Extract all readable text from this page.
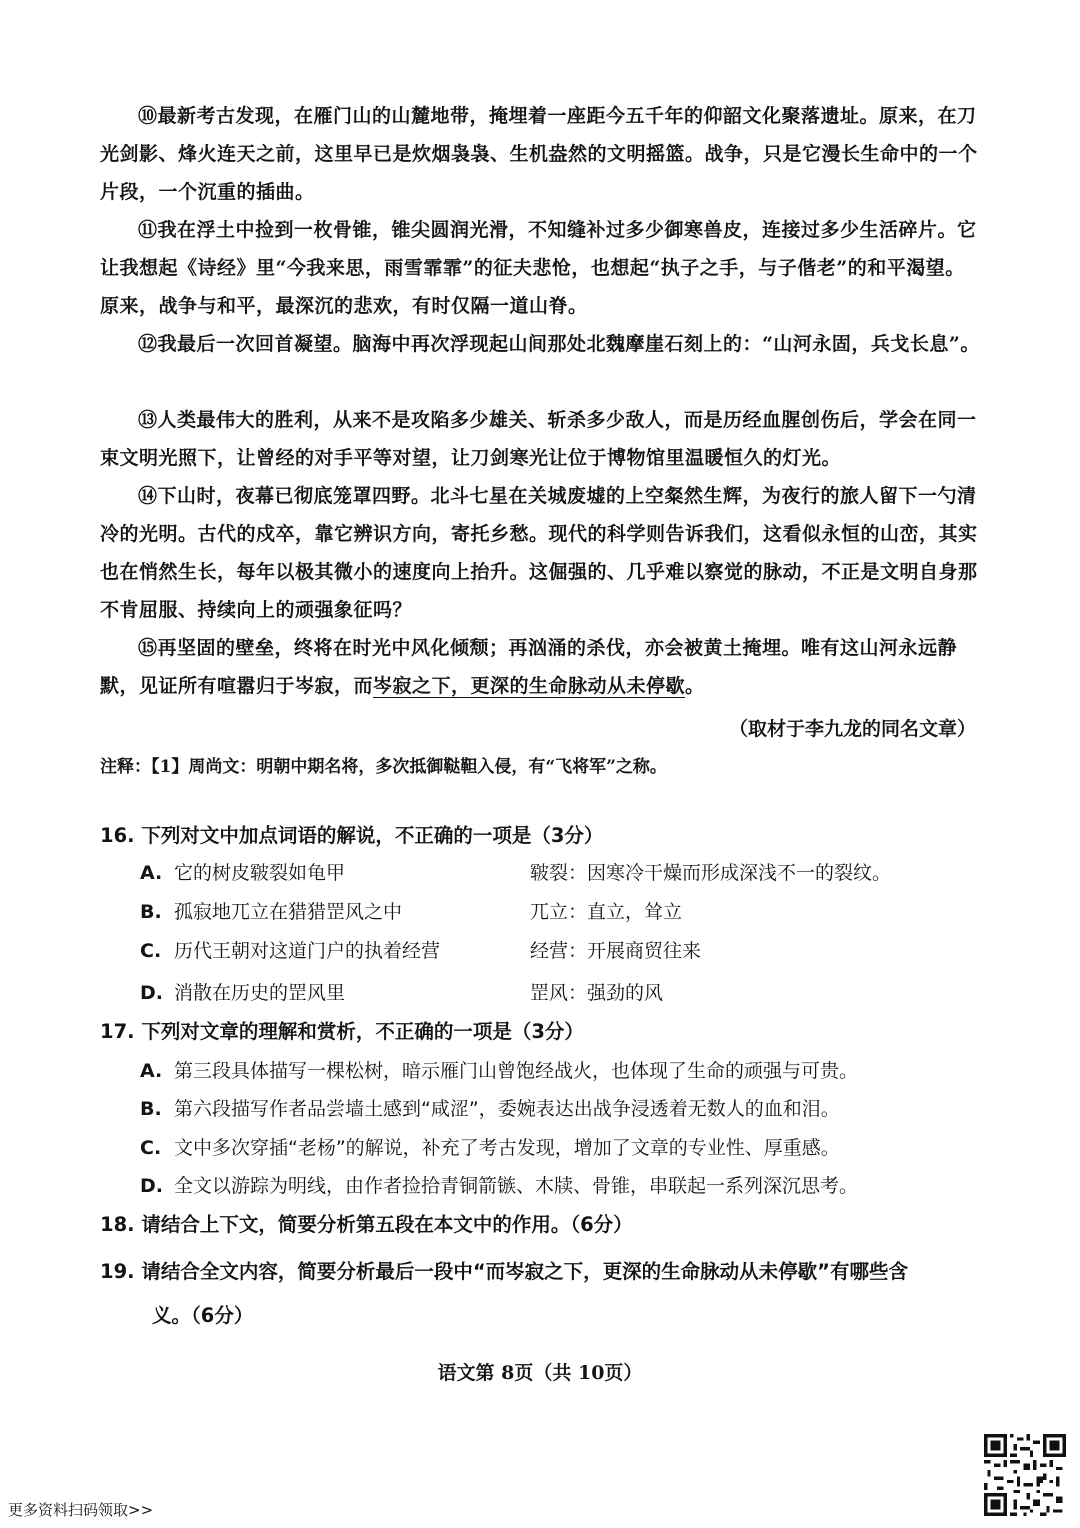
⑩最新考古发现，在雁门山的山麓地带，掩埋着一座距今五千年的仰韶文化聚落遗址。原来，在刀光剑影、烽火连天之前，这里早已是炊烟袅袅、生机盎然的文明摇篮。战争，只是它漫长生命中的一个片段，一个沉重的插曲。

⑪我在浮土中捡到一枚骨锥，锥尖圆润光滑，不知缝补过多少御寒兽皮，连接过多少生活碎片。它让我想起《诗经》里“今我来思，雨雪霏霏”的征夫悲怆，也想起“执子之手，与子偕老”的和平渴望。原来，战争与和平，最深沉的悲欢，有时仅隔一道山脊。

⑫我最后一次回首凝望。脑海中再次浮现起山间那处北魏摩崖石刻上的：“山河永固，兵戈长息”。

⑬人类最伟大的胜利，从来不是攻陷多少雄关、斩杀多少敌人，而是历经血腥创伤后，学会在同一束文明光照下，让曾经的对手平等对望，让刀剑寒光让位于博物馆里温暖恒久的灯光。

⑭下山时，夜幕已彻底笼罩四野。北斗七星在关城废墟的上空粲然生辉，为夜行的旅人留下一勺清冷的光明。古代的戍卒，靠它辨识方向，寄托乡愁。现代的科学则告诉我们，这看似永恒的山峦，其实也在悄然生长，每年以极其微小的速度向上抬升。这倔强的、几乎难以察觉的脉动，不正是文明自身那不肯屈服、持续向上的顽强象征吗？

⑮再坚固的壁垒，终将在时光中风化倾颓；再汹涌的杀伐，亦会被黄土掩埋。唯有这山河永远静默，见证所有喧嚣归于岑寂，而岑寂之下，更深的生命脉动从未停歇。

（取材于李九龙的同名文章）
注释：【1】周尚文：明朝中期名将，多次抵御鞑靼入侵，有“飞将军”之称。
16. 下列对文中加点词语的解说，不正确的一项是（3分）
A. 它的树皮皲裂如龟甲	皲裂：因寒冷干燥而形成深浅不一的裂纹。
B. 孤寂地兀立在猎猎罡风之中	兀立：直立，耸立
C. 历代王朝对这道门户的执着经营	经营：开展商贸往来
D. 消散在历史的罡风里	罡风：强劲的风
17. 下列对文章的理解和赏析，不正确的一项是（3分）
A. 第三段具体描写一棵松树，暗示雁门山曾饱经战火，也体现了生命的顽强与可贵。
B. 第六段描写作者品尝墙土感到“咸涩”，委婉表达出战争浸透着无数人的血和泪。
C. 文中多次穿插“老杨”的解说，补充了考古发现，增加了文章的专业性、厚重感。
D. 全文以游踪为明线，由作者捡拾青铜箭镞、木牍、骨锥，串联起一系列深沉思考。
18. 请结合上下文，简要分析第五段在本文中的作用。（6分）
19. 请结合全文内容，简要分析最后一段中“而岑寂之下，更深的生命脉动从未停歇”有哪些含
义。（6分）
语文第 8页（共 10页）
更多资料扫码领取>>
